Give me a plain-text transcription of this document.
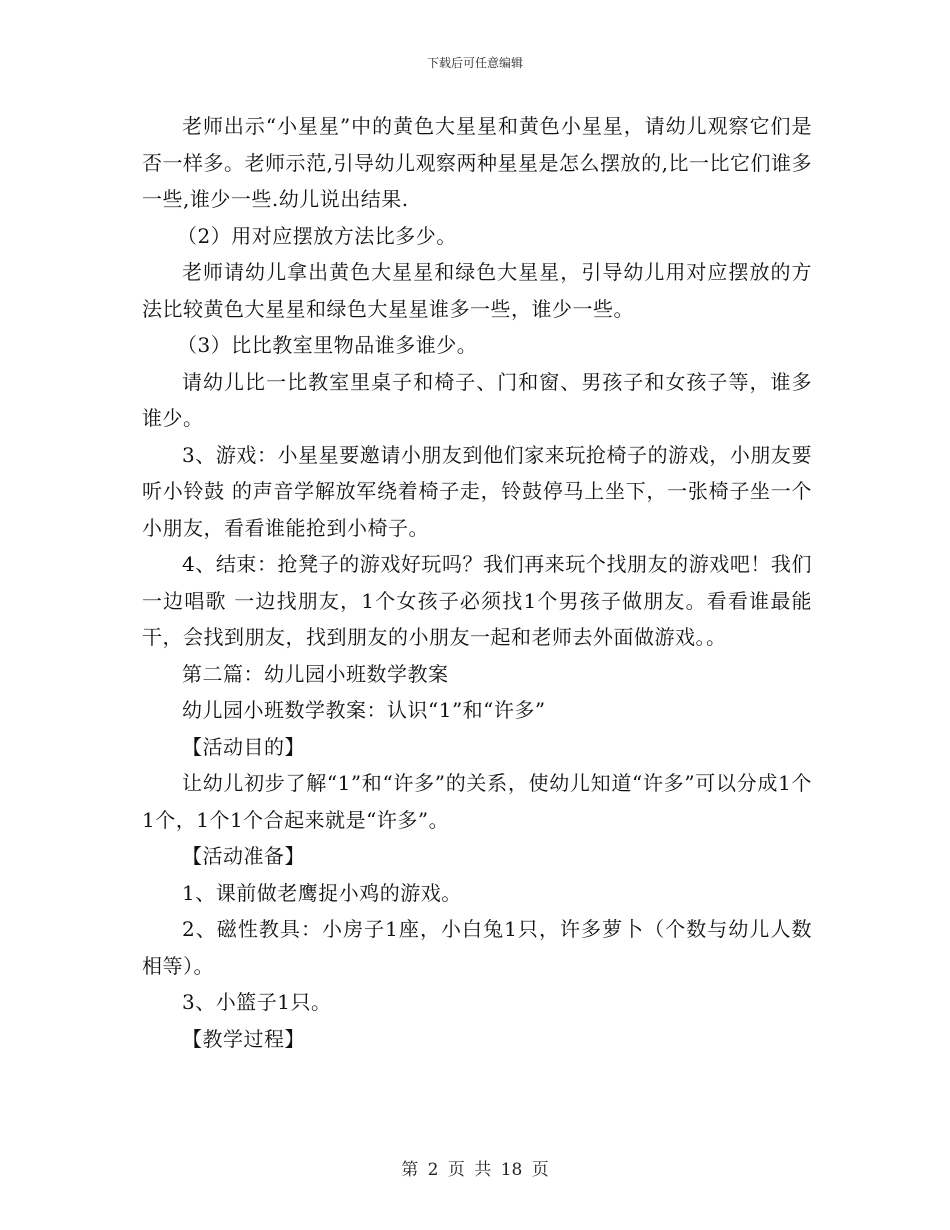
下载后可任意编辑

老师出示“小星星”中的黄色大星星和黄色小星星，请幼儿观察它们是否一样多。老师示范,引导幼儿观察两种星星是怎么摆放的,比一比它们谁多一些,谁少一些.幼儿说出结果.

（2）用对应摆放方法比多少。

老师请幼儿拿出黄色大星星和绿色大星星，引导幼儿用对应摆放的方法比较黄色大星星和绿色大星星谁多一些，谁少一些。

（3）比比教室里物品谁多谁少。

请幼儿比一比教室里桌子和椅子、门和窗、男孩子和女孩子等，谁多谁少。

3、游戏：小星星要邀请小朋友到他们家来玩抢椅子的游戏，小朋友要听小铃鼓 的声音学解放军绕着椅子走，铃鼓停马上坐下，一张椅子坐一个小朋友，看看谁能抢到小椅子。

4、结束：抢凳子的游戏好玩吗？我们再来玩个找朋友的游戏吧！我们一边唱歌 一边找朋友，1个女孩子必须找1个男孩子做朋友。看看谁最能干，会找到朋友，找到朋友的小朋友一起和老师去外面做游戏。。

第二篇：幼儿园小班数学教案

幼儿园小班数学教案：认识“1”和“许多”

【活动目的】

让幼儿初步了解“1”和“许多”的关系，使幼儿知道“许多”可以分成1个1个，1个1个合起来就是“许多”。

【活动准备】

1、课前做老鹰捉小鸡的游戏。

2、磁性教具：小房子1座，小白兔1只，许多萝卜（个数与幼儿人数相等）。

3、小篮子1只。

【教学过程】

第 2 页 共 18 页
